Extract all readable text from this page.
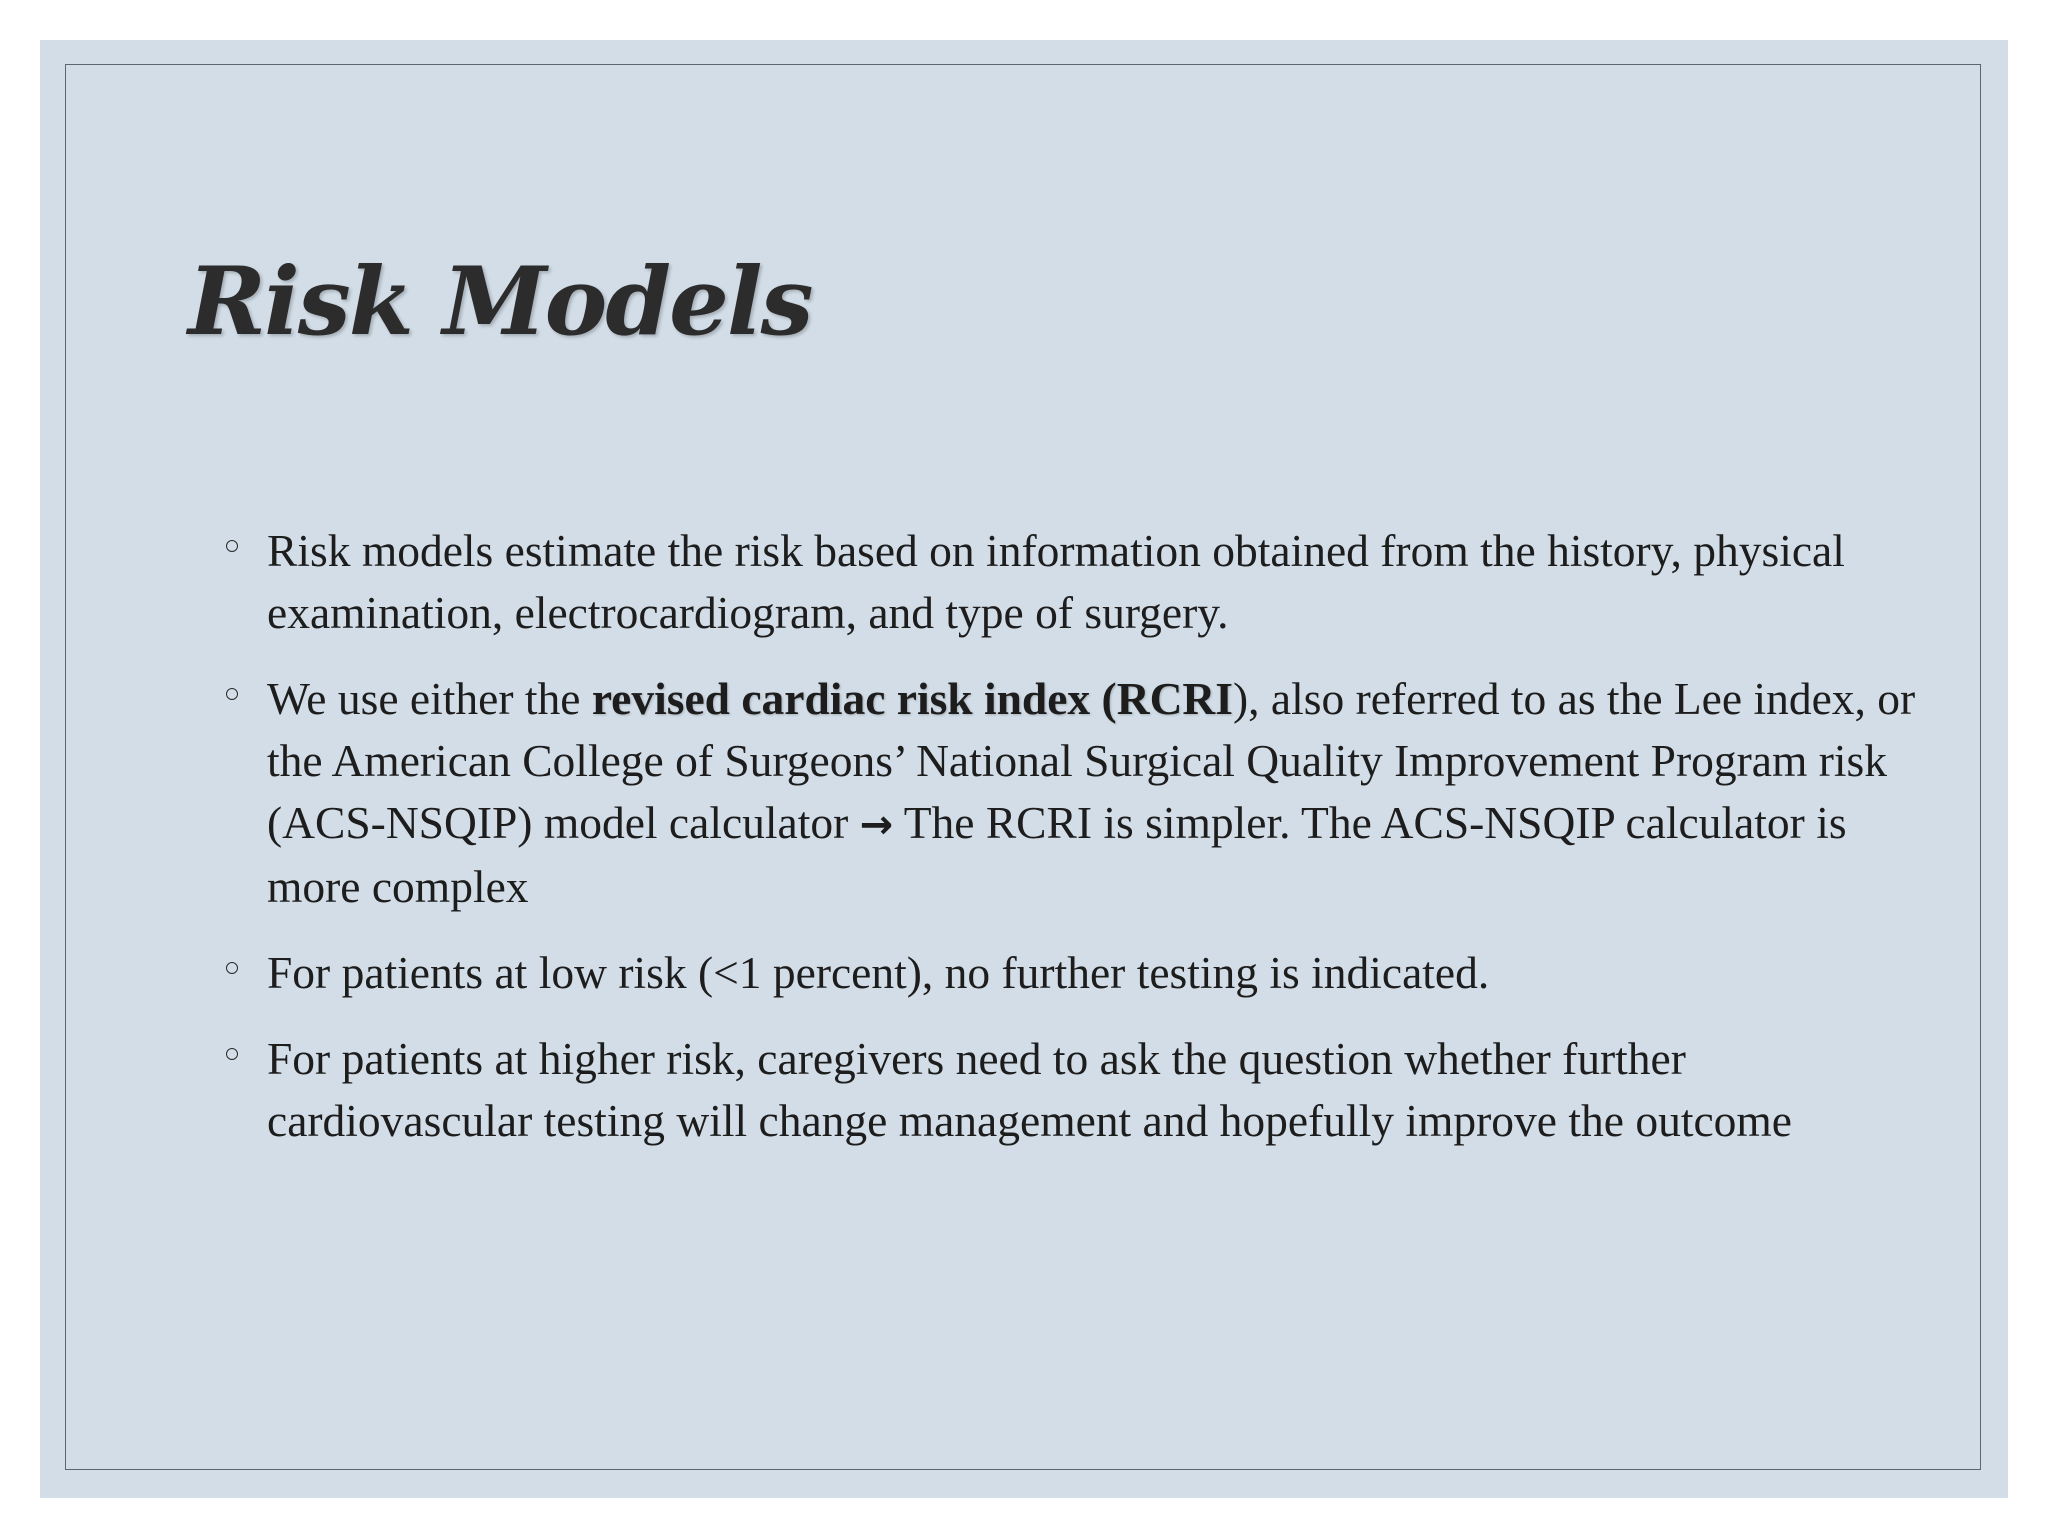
Risk Models
Risk models estimate the risk based on information obtained from the history, physical examination, electrocardiogram, and type of surgery.
We use either the revised cardiac risk index (RCRI), also referred to as the Lee index, or the American College of Surgeons’ National Surgical Quality Improvement Program risk (ACS-NSQIP) model calculator → The RCRI is simpler. The ACS-NSQIP calculator is more complex
For patients at low risk (<1 percent), no further testing is indicated.
For patients at higher risk, caregivers need to ask the question whether further cardiovascular testing will change management and hopefully improve the outcome
